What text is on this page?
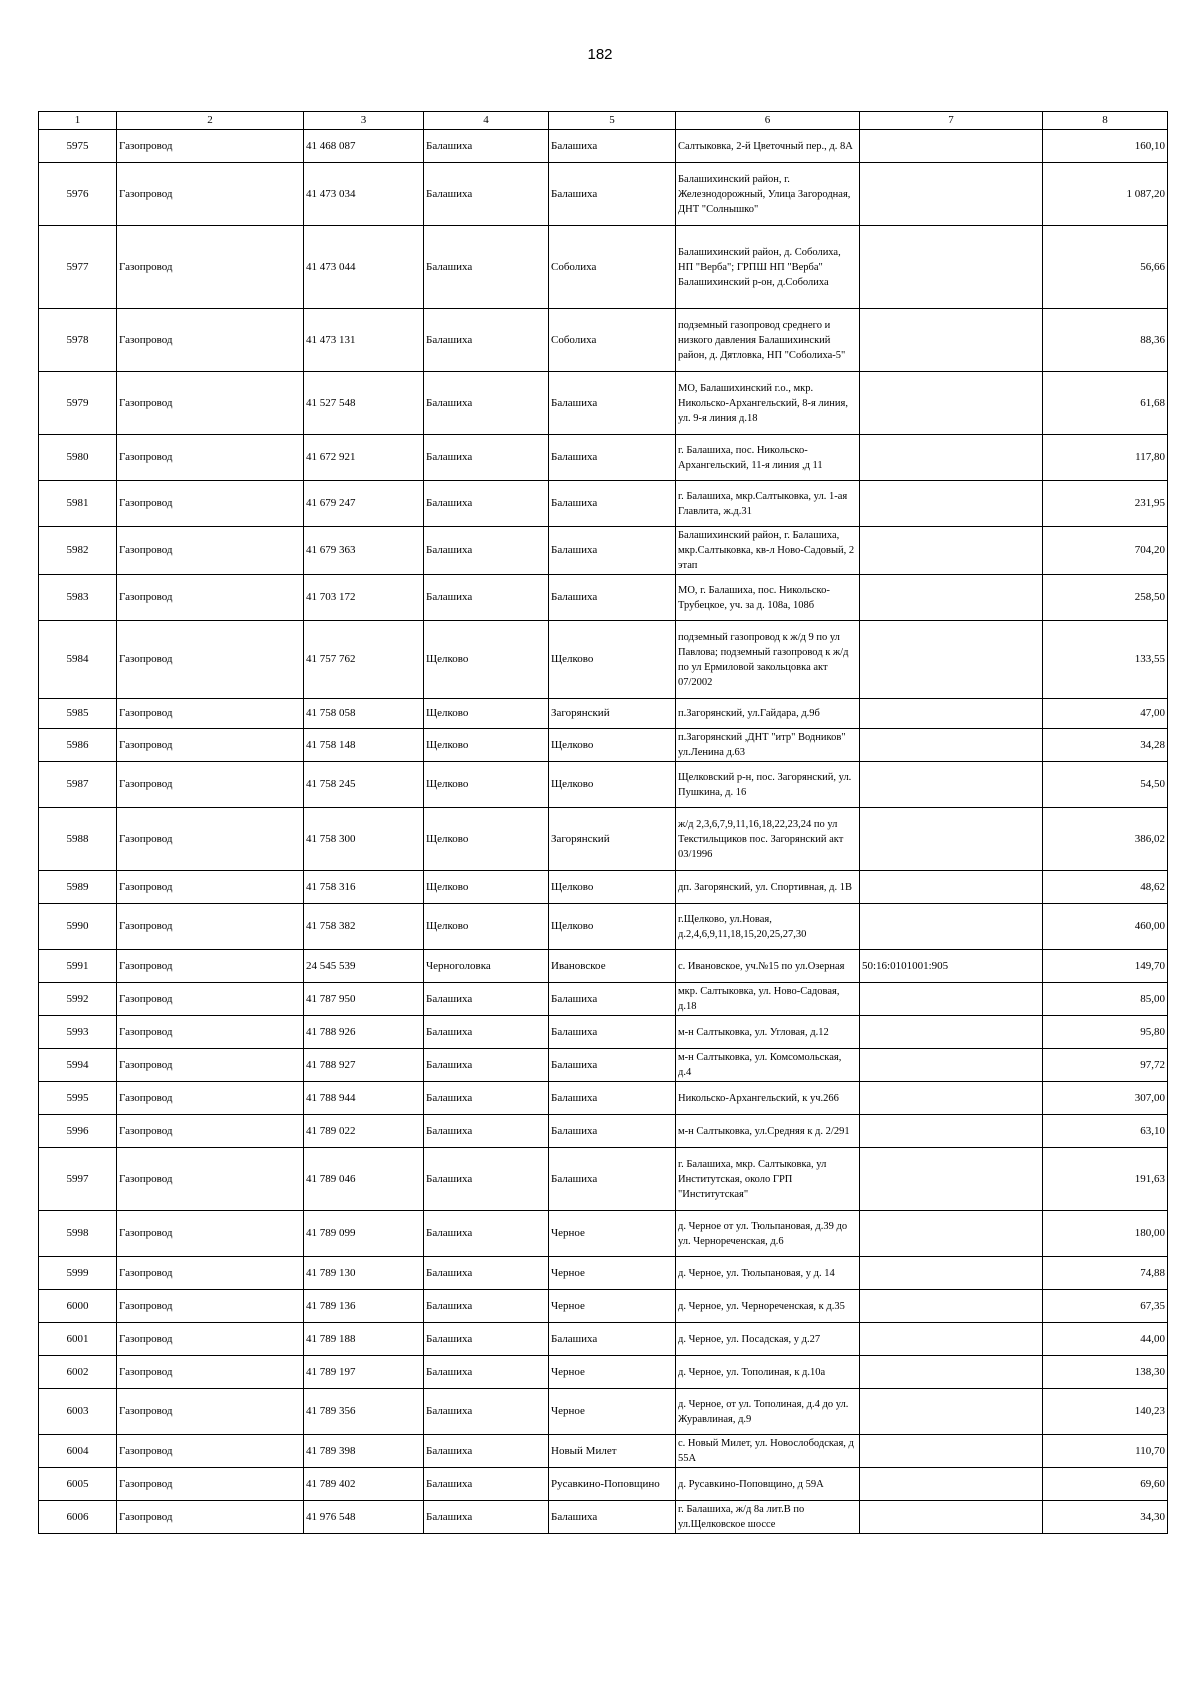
182
1	2	3	4	5	6	7	8
5975	Газопровод	41 468 087	Балашиха	Балашиха	Салтыковка, 2-й Цветочный пер., д. 8А		160,10
5976	Газопровод	41 473 034	Балашиха	Балашиха	Балашихинский район, г. Железнодорожный, Улица Загородная, ДНТ "Солнышко"		1 087,20
5977	Газопровод	41 473 044	Балашиха	Соболиха	Балашихинский район, д. Соболиха, НП "Верба"; ГРПШ НП "Верба" Балашихинский р-он, д.Соболиха		56,66
5978	Газопровод	41 473 131	Балашиха	Соболиха	подземный газопровод среднего и низкого давления Балашихинский район, д. Дятловка, НП "Соболиха-5"		88,36
5979	Газопровод	41 527 548	Балашиха	Балашиха	МО, Балашихинский г.о., мкр. Никольско-Архангельский, 8-я линия, ул. 9-я линия д.18		61,68
5980	Газопровод	41 672 921	Балашиха	Балашиха	г. Балашиха, пос. Никольско-Архангельский, 11-я линия ,д 11		117,80
5981	Газопровод	41 679 247	Балашиха	Балашиха	г. Балашиха, мкр.Салтыковка, ул. 1-ая Главлита, ж.д.31		231,95
5982	Газопровод	41 679 363	Балашиха	Балашиха	Балашихинский район, г. Балашиха, мкр.Салтыковка, кв-л Ново-Садовый, 2 этап		704,20
5983	Газопровод	41 703 172	Балашиха	Балашиха	МО, г. Балашиха, пос. Никольско-Трубецкое, уч. за д. 108а, 108б		258,50
5984	Газопровод	41 757 762	Щелково	Щелково	подземный газопровод к ж/д 9 по ул Павлова; подземный газопровод к ж/д по ул Ермиловой закольцовка акт 07/2002		133,55
5985	Газопровод	41 758 058	Щелково	Загорянский	п.Загорянский, ул.Гайдара, д.9б		47,00
5986	Газопровод	41 758 148	Щелково	Щелково	п.Загорянский ,ДНТ "итр" Водников" ул.Ленина д.63		34,28
5987	Газопровод	41 758 245	Щелково	Щелково	Щелковский р-н, пос. Загорянский, ул. Пушкина, д. 16		54,50
5988	Газопровод	41 758 300	Щелково	Загорянский	ж/д 2,3,6,7,9,11,16,18,22,23,24 по ул Текстильщиков пос. Загорянский акт 03/1996		386,02
5989	Газопровод	41 758 316	Щелково	Щелково	дп. Загорянский, ул. Спортивная, д. 1В		48,62
5990	Газопровод	41 758 382	Щелково	Щелково	г.Щелково, ул.Новая, д.2,4,6,9,11,18,15,20,25,27,30		460,00
5991	Газопровод	24 545 539	Черноголовка	Ивановское	с. Ивановское, уч.№15 по ул.Озерная	50:16:0101001:905	149,70
5992	Газопровод	41 787 950	Балашиха	Балашиха	мкр. Салтыковка, ул. Ново-Садовая, д.18		85,00
5993	Газопровод	41 788 926	Балашиха	Балашиха	м-н Салтыковка, ул. Угловая, д.12		95,80
5994	Газопровод	41 788 927	Балашиха	Балашиха	м-н Салтыковка, ул. Комсомольская, д.4		97,72
5995	Газопровод	41 788 944	Балашиха	Балашиха	Никольско-Архангельский, к уч.266		307,00
5996	Газопровод	41 789 022	Балашиха	Балашиха	м-н Салтыковка, ул.Средняя к д. 2/291		63,10
5997	Газопровод	41 789 046	Балашиха	Балашиха	г. Балашиха, мкр. Салтыковка, ул Институтская, около ГРП "Институтская"		191,63
5998	Газопровод	41 789 099	Балашиха	Черное	д. Черное от ул. Тюльпановая, д.39 до ул. Чернореченская, д.6		180,00
5999	Газопровод	41 789 130	Балашиха	Черное	д. Черное, ул. Тюльпановая, у д. 14		74,88
6000	Газопровод	41 789 136	Балашиха	Черное	д. Черное, ул. Чернореченская, к д.35		67,35
6001	Газопровод	41 789 188	Балашиха	Балашиха	д. Черное, ул. Посадская, у д.27		44,00
6002	Газопровод	41 789 197	Балашиха	Черное	д. Черное, ул. Тополиная, к д.10а		138,30
6003	Газопровод	41 789 356	Балашиха	Черное	д. Черное, от ул. Тополиная, д.4 до ул. Журавлиная, д.9		140,23
6004	Газопровод	41 789 398	Балашиха	Новый Милет	с. Новый Милет, ул. Новослободская, д 55А		110,70
6005	Газопровод	41 789 402	Балашиха	Русавкино-Поповщино	д. Русавкино-Поповщино, д 59А		69,60
6006	Газопровод	41 976 548	Балашиха	Балашиха	г. Балашиха, ж/д 8а лит.В по ул.Щелковское шоссе		34,30
